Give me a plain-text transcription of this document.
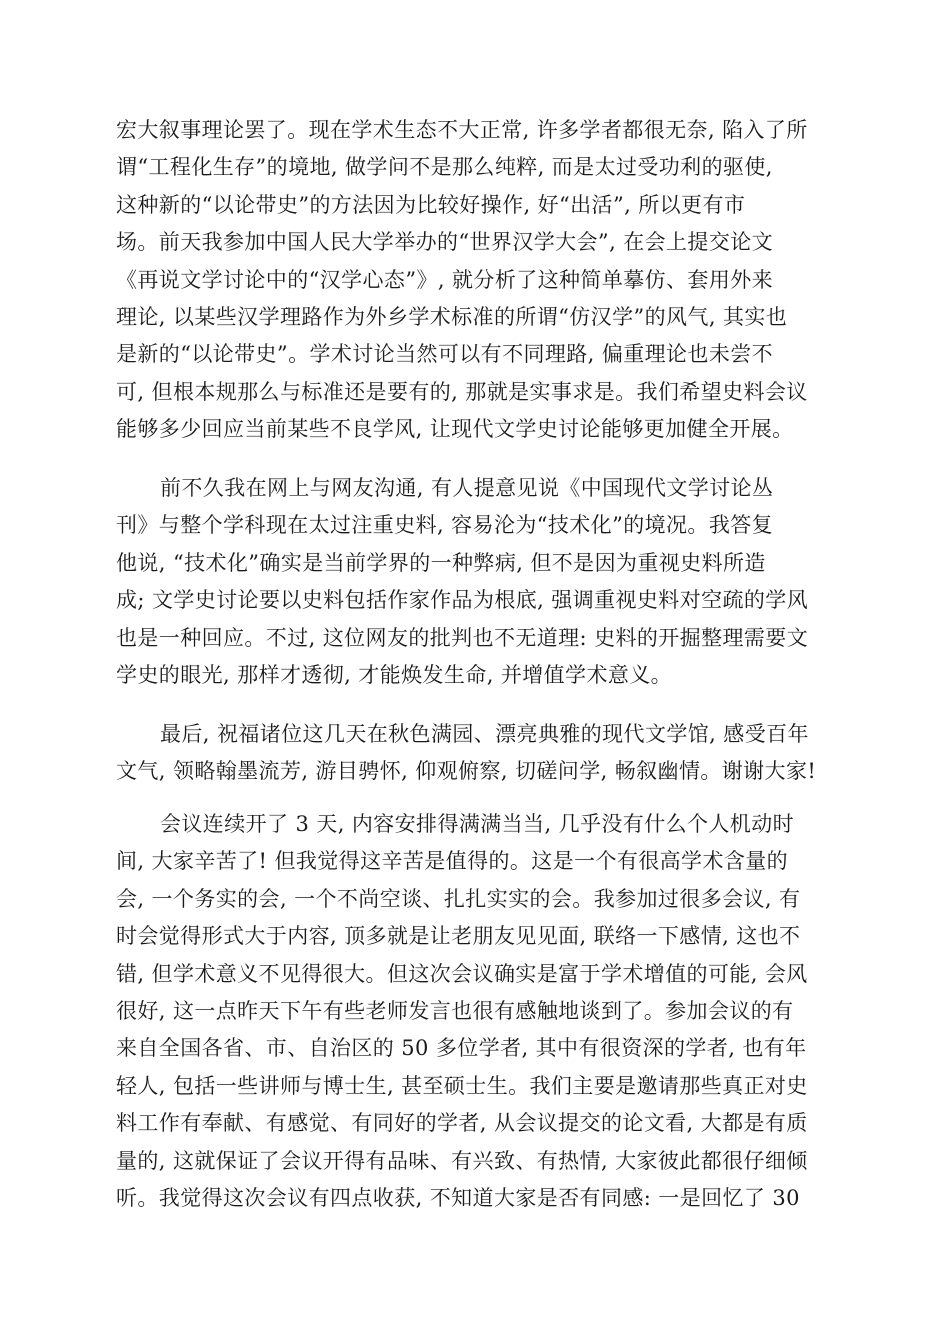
宏大叙事理论罢了。现在学术生态不大正常, 许多学者都很无奈, 陷入了所
谓“工程化生存”的境地, 做学问不是那么纯粹, 而是太过受功利的驱使,
这种新的“以论带史”的方法因为比较好操作, 好“出活”, 所以更有市
场。前天我参加中国人民大学举办的“世界汉学大会”, 在会上提交论文
《再说文学讨论中的“汉学心态”》, 就分析了这种简单摹仿、套用外来
理论, 以某些汉学理路作为外乡学术标准的所谓“仿汉学”的风气, 其实也
是新的“以论带史”。学术讨论当然可以有不同理路, 偏重理论也未尝不
可, 但根本规那么与标准还是要有的, 那就是实事求是。我们希望史料会议
能够多少回应当前某些不良学风, 让现代文学史讨论能够更加健全开展。
前不久我在网上与网友沟通, 有人提意见说《中国现代文学讨论丛
刊》与整个学科现在太过注重史料, 容易沦为“技术化”的境况。我答复
他说, “技术化”确实是当前学界的一种弊病, 但不是因为重视史料所造
成; 文学史讨论要以史料包括作家作品为根底, 强调重视史料对空疏的学风
也是一种回应。不过, 这位网友的批判也不无道理: 史料的开掘整理需要文
学史的眼光, 那样才透彻, 才能焕发生命, 并增值学术意义。
最后, 祝福诸位这几天在秋色满园、漂亮典雅的现代文学馆, 感受百年
文气, 领略翰墨流芳, 游目骋怀, 仰观俯察, 切磋问学, 畅叙幽情。谢谢大家!
会议连续开了 3 天, 内容安排得满满当当, 几乎没有什么个人机动时
间, 大家辛苦了! 但我觉得这辛苦是值得的。这是一个有很高学术含量的
会, 一个务实的会, 一个不尚空谈、扎扎实实的会。我参加过很多会议, 有
时会觉得形式大于内容, 顶多就是让老朋友见见面, 联络一下感情, 这也不
错, 但学术意义不见得很大。但这次会议确实是富于学术增值的可能, 会风
很好, 这一点昨天下午有些老师发言也很有感触地谈到了。参加会议的有
来自全国各省、市、自治区的 50 多位学者, 其中有很资深的学者, 也有年
轻人, 包括一些讲师与博士生, 甚至硕士生。我们主要是邀请那些真正对史
料工作有奉献、有感觉、有同好的学者, 从会议提交的论文看, 大都是有质
量的, 这就保证了会议开得有品味、有兴致、有热情, 大家彼此都很仔细倾
听。我觉得这次会议有四点收获, 不知道大家是否有同感: 一是回忆了 30
